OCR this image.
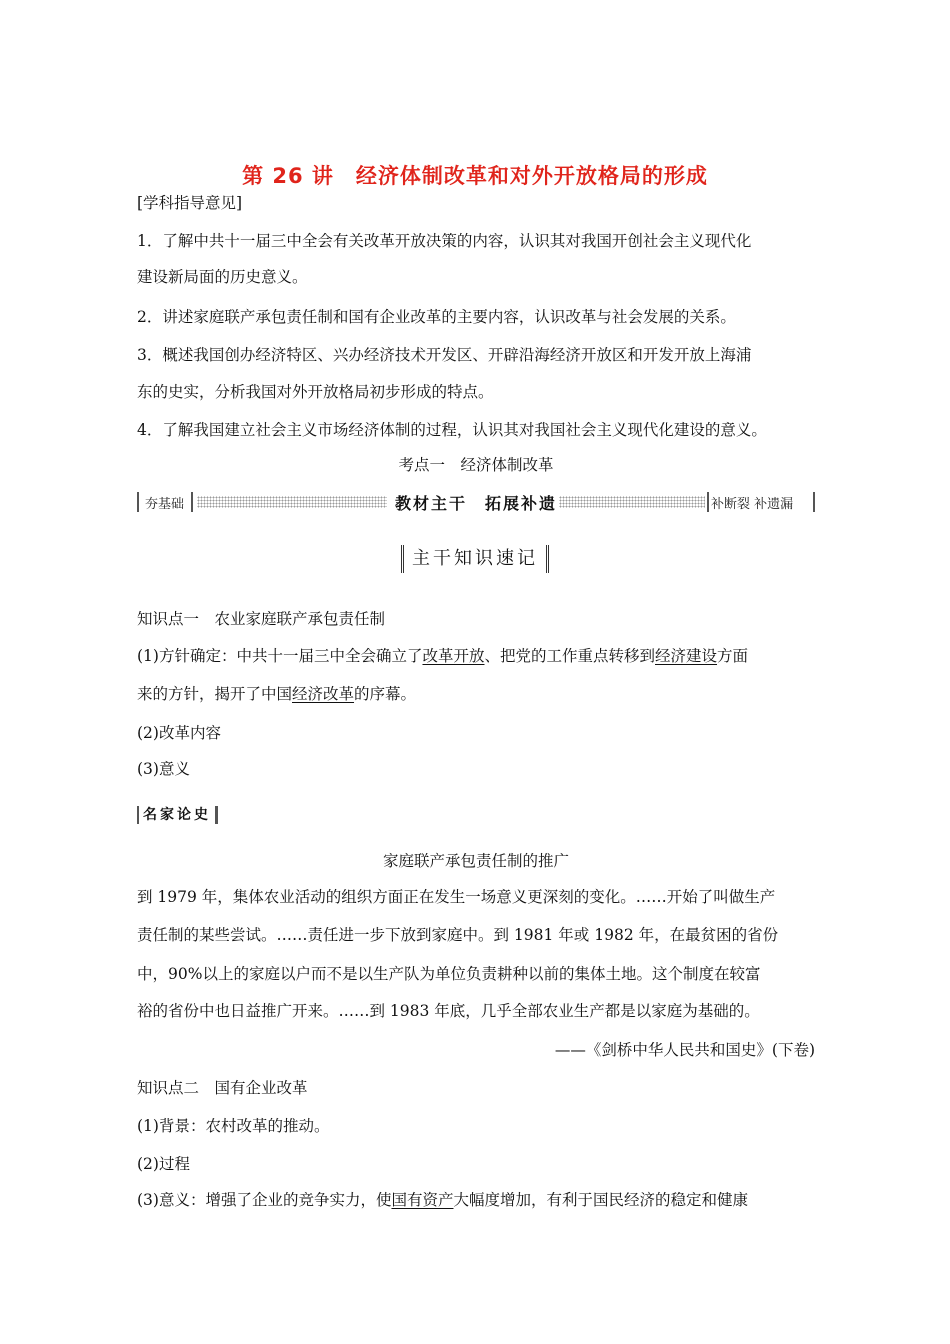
第 26 讲 经济体制改革和对外开放格局的形成
[学科指导意见]
1．了解中共十一届三中全会有关改革开放决策的内容，认识其对我国开创社会主义现代化
建设新局面的历史意义。
2．讲述家庭联产承包责任制和国有企业改革的主要内容，认识改革与社会发展的关系。
3．概述我国创办经济特区、兴办经济技术开发区、开辟沿海经济开放区和开发开放上海浦
东的史实，分析我国对外开放格局初步形成的特点。
4．了解我国建立社会主义市场经济体制的过程，认识其对我国社会主义现代化建设的意义。
考点一　经济体制改革
夯基础	教材主干　拓展补遗	补断裂 补遗漏
主干知识速记
知识点一　农业家庭联产承包责任制
(1)方针确定：中共十一届三中全会确立了改革开放、把党的工作重点转移到经济建设方面
来的方针，揭开了中国经济改革的序幕。
(2)改革内容
(3)意义
名家论史
家庭联产承包责任制的推广
到 1979 年，集体农业活动的组织方面正在发生一场意义更深刻的变化。……开始了叫做生产
责任制的某些尝试。……责任进一步下放到家庭中。到 1981 年或 1982 年，在最贫困的省份
中，90%以上的家庭以户而不是以生产队为单位负责耕种以前的集体土地。这个制度在较富
裕的省份中也日益推广开来。……到 1983 年底，几乎全部农业生产都是以家庭为基础的。
——《剑桥中华人民共和国史》(下卷)
知识点二　国有企业改革
(1)背景：农村改革的推动。
(2)过程
(3)意义：增强了企业的竞争实力，使国有资产大幅度增加，有利于国民经济的稳定和健康
